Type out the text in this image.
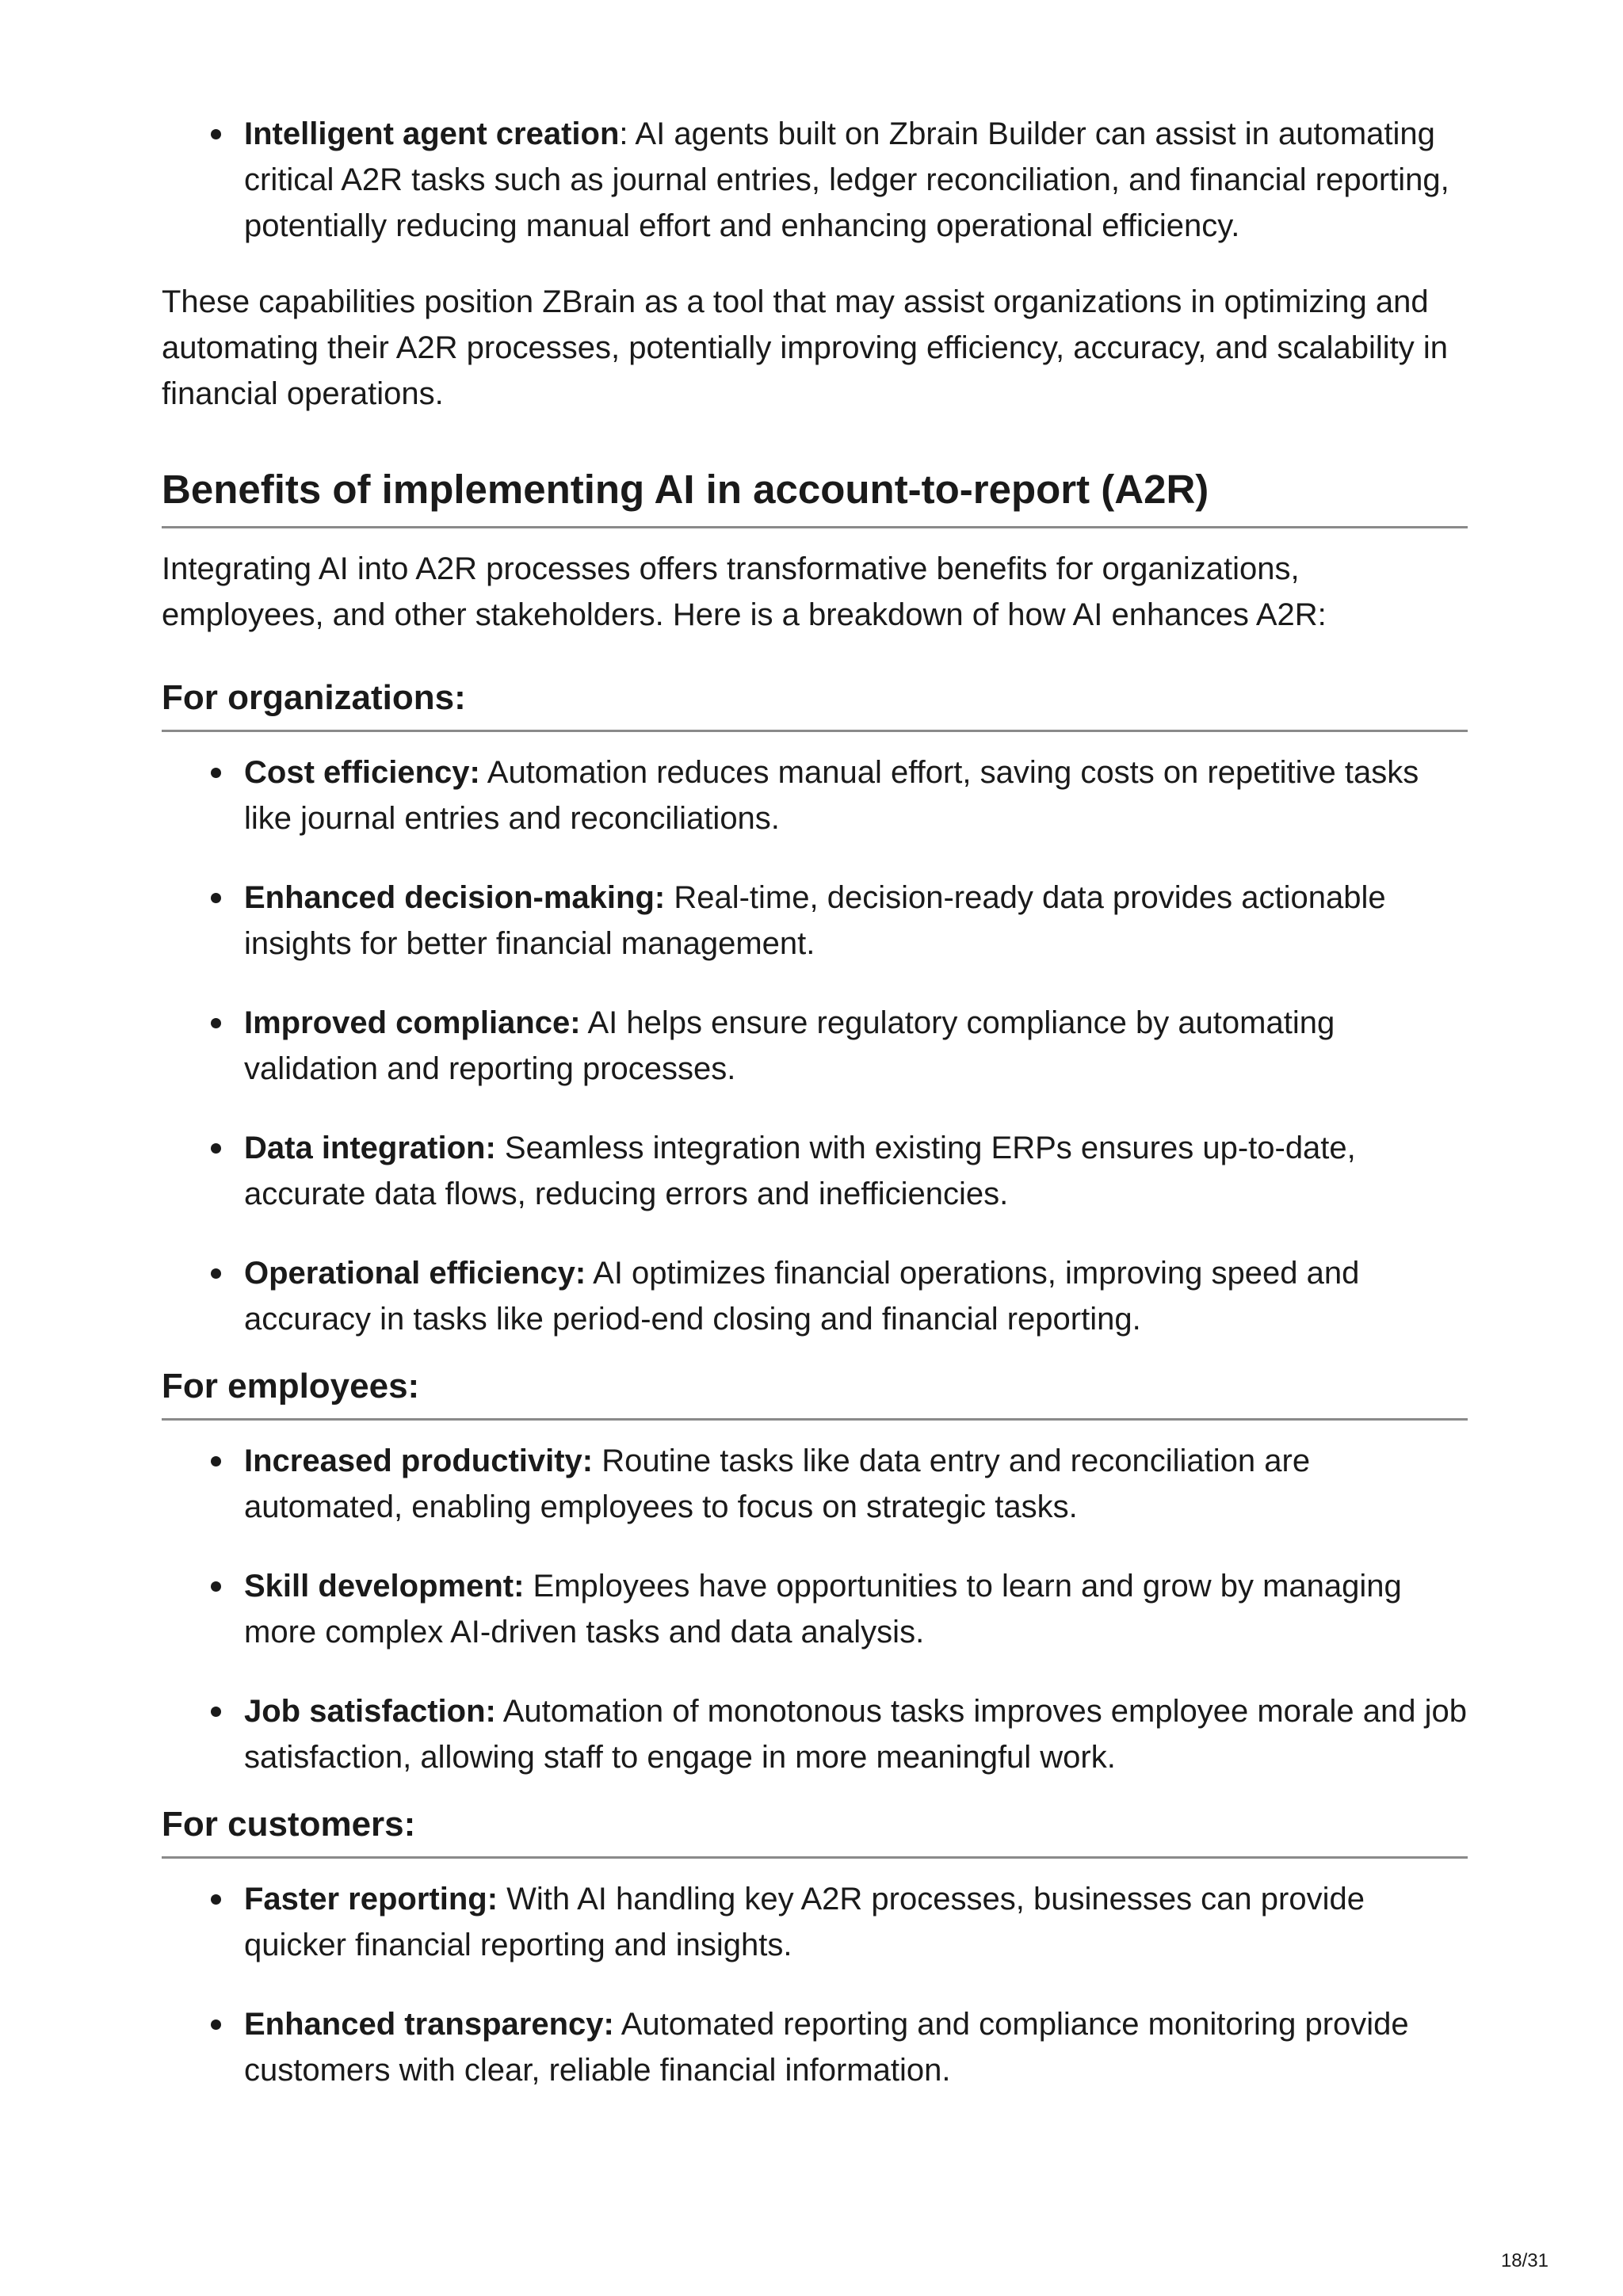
Intelligent agent creation: AI agents built on Zbrain Builder can assist in automating critical A2R tasks such as journal entries, ledger reconciliation, and financial reporting, potentially reducing manual effort and enhancing operational efficiency.

These capabilities position ZBrain as a tool that may assist organizations in optimizing and automating their A2R processes, potentially improving efficiency, accuracy, and scalability in financial operations.

Benefits of implementing AI in account-to-report (A2R)

Integrating AI into A2R processes offers transformative benefits for organizations, employees, and other stakeholders. Here is a breakdown of how AI enhances A2R:

For organizations:
Cost efficiency: Automation reduces manual effort, saving costs on repetitive tasks like journal entries and reconciliations.
Enhanced decision-making: Real-time, decision-ready data provides actionable insights for better financial management.
Improved compliance: AI helps ensure regulatory compliance by automating validation and reporting processes.
Data integration: Seamless integration with existing ERPs ensures up-to-date, accurate data flows, reducing errors and inefficiencies.
Operational efficiency: AI optimizes financial operations, improving speed and accuracy in tasks like period-end closing and financial reporting.
For employees:
Increased productivity: Routine tasks like data entry and reconciliation are automated, enabling employees to focus on strategic tasks.
Skill development: Employees have opportunities to learn and grow by managing more complex AI-driven tasks and data analysis.
Job satisfaction: Automation of monotonous tasks improves employee morale and job satisfaction, allowing staff to engage in more meaningful work.
For customers:
Faster reporting: With AI handling key A2R processes, businesses can provide quicker financial reporting and insights.
Enhanced transparency: Automated reporting and compliance monitoring provide customers with clear, reliable financial information.
18/31
